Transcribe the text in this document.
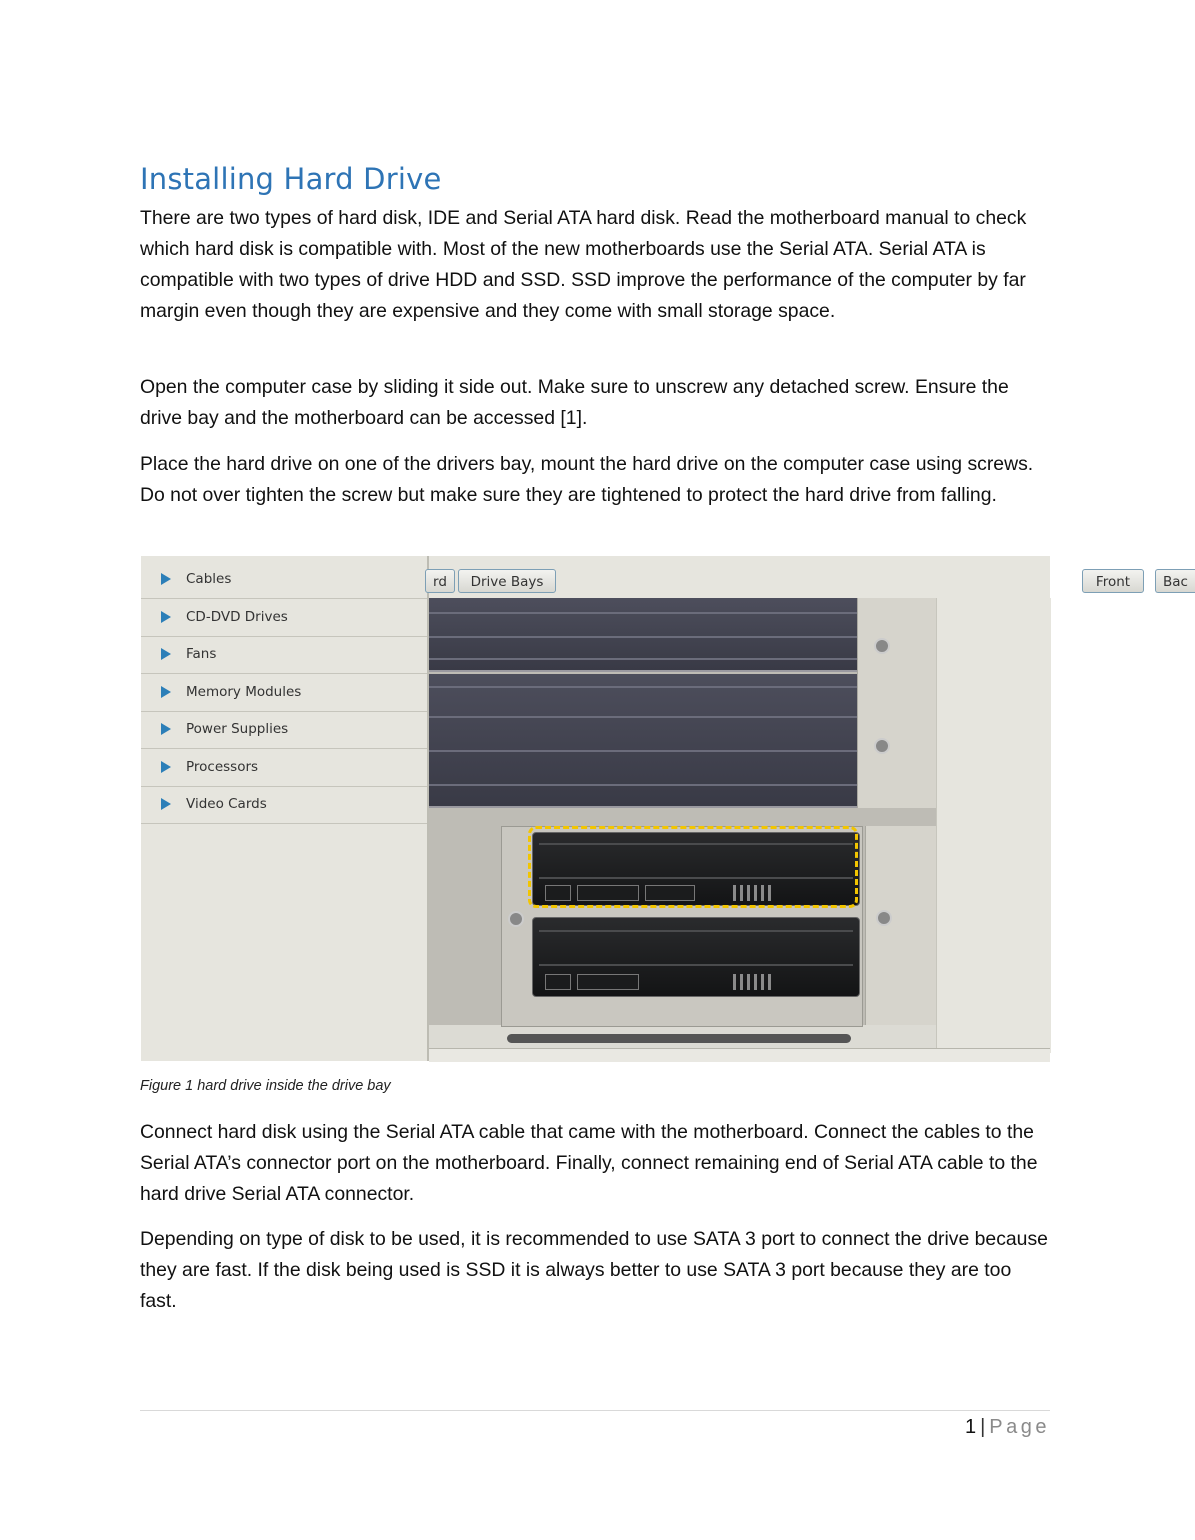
Installing Hard Drive

There are two types of hard disk, IDE and Serial ATA hard disk. Read the motherboard manual to check which hard disk is compatible with. Most of the new motherboards use the Serial ATA. Serial ATA is compatible with two types of drive HDD and SSD. SSD improve the performance of the computer by far margin even though they are expensive and they come with small storage space.

Open the computer case by sliding it side out. Make sure to unscrew any detached screw. Ensure the drive bay and the motherboard can be accessed [1].

Place the hard drive on one of the drivers bay, mount the hard drive on the computer case using screws. Do not over tighten the screw but make sure they are tightened to protect the hard drive from falling.

Figure 1 hard drive inside the drive bay

Connect hard disk using the Serial ATA cable that came with the motherboard. Connect the cables to the Serial ATA’s connector port on the motherboard. Finally, connect remaining end of Serial ATA cable to the hard drive Serial ATA connector.

Depending on type of disk to be used, it is recommended to use SATA 3 port to connect the drive because they are fast. If the disk being used is SSD it is always better to use SATA 3 port because they are too fast.

Cables
CD-DVD Drives
Fans
Memory Modules
Power Supplies
Processors
Video Cards
rd	Drive Bays	Front	Bac
1 | Page
